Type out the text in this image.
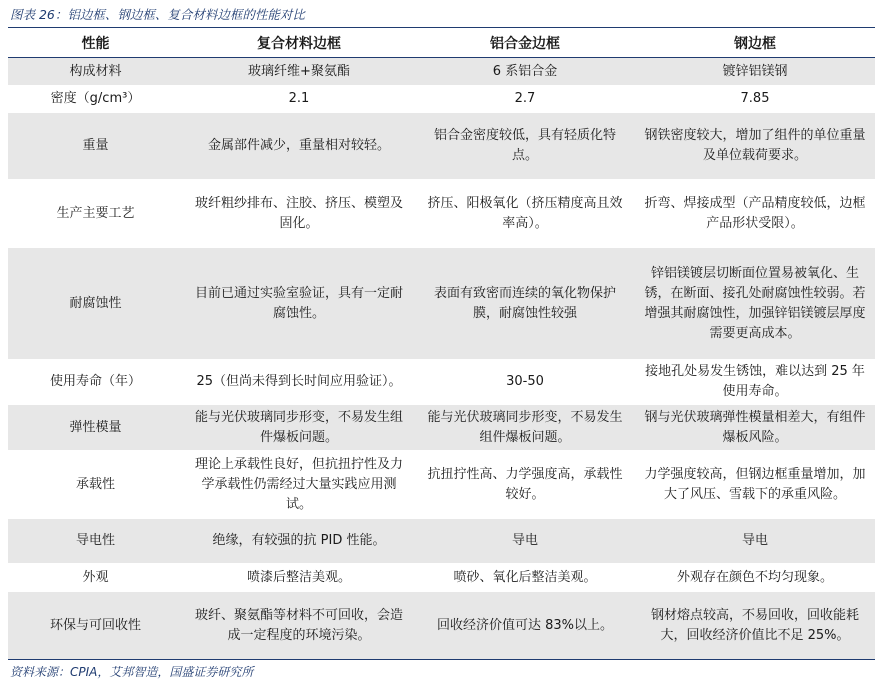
图表 26：铝边框、钢边框、复合材料边框的性能对比
性能	复合材料边框	铝合金边框	钢边框
构成材料	玻璃纤维+聚氨酯	6 系铝合金	镀锌铝镁钢
密度（g/cm³）	2.1	2.7	7.85
重量	金属部件减少，重量相对较轻。	铝合金密度较低，具有轻质化特点。	钢铁密度较大，增加了组件的单位重量及单位载荷要求。
生产主要工艺	玻纤粗纱排布、注胶、挤压、模塑及固化。	挤压、阳极氧化（挤压精度高且效率高）。	折弯、焊接成型（产品精度较低，边框产品形状受限）。
耐腐蚀性	目前已通过实验室验证，具有一定耐腐蚀性。	表面有致密而连续的氧化物保护膜，耐腐蚀性较强	锌铝镁镀层切断面位置易被氧化、生锈，在断面、接孔处耐腐蚀性较弱。若增强其耐腐蚀性，加强锌铝镁镀层厚度需要更高成本。
使用寿命（年）	25（但尚未得到长时间应用验证）。	30-50	接地孔处易发生锈蚀，难以达到 25 年使用寿命。
弹性模量	能与光伏玻璃同步形变，不易发生组件爆板问题。	能与光伏玻璃同步形变，不易发生组件爆板问题。	钢与光伏玻璃弹性模量相差大，有组件爆板风险。
承载性	理论上承载性良好，但抗扭拧性及力学承载性仍需经过大量实践应用测试。	抗扭拧性高、力学强度高，承载性较好。	力学强度较高，但钢边框重量增加，加大了风压、雪载下的承重风险。
导电性	绝缘，有较强的抗 PID 性能。	导电	导电
外观	喷漆后整洁美观。	喷砂、氧化后整洁美观。	外观存在颜色不均匀现象。
环保与可回收性	玻纤、聚氨酯等材料不可回收，会造成一定程度的环境污染。	回收经济价值可达 83%以上。	钢材熔点较高，不易回收，回收能耗大，回收经济价值比不足 25%。
资料来源：CPIA，艾邦智造，国盛证券研究所
